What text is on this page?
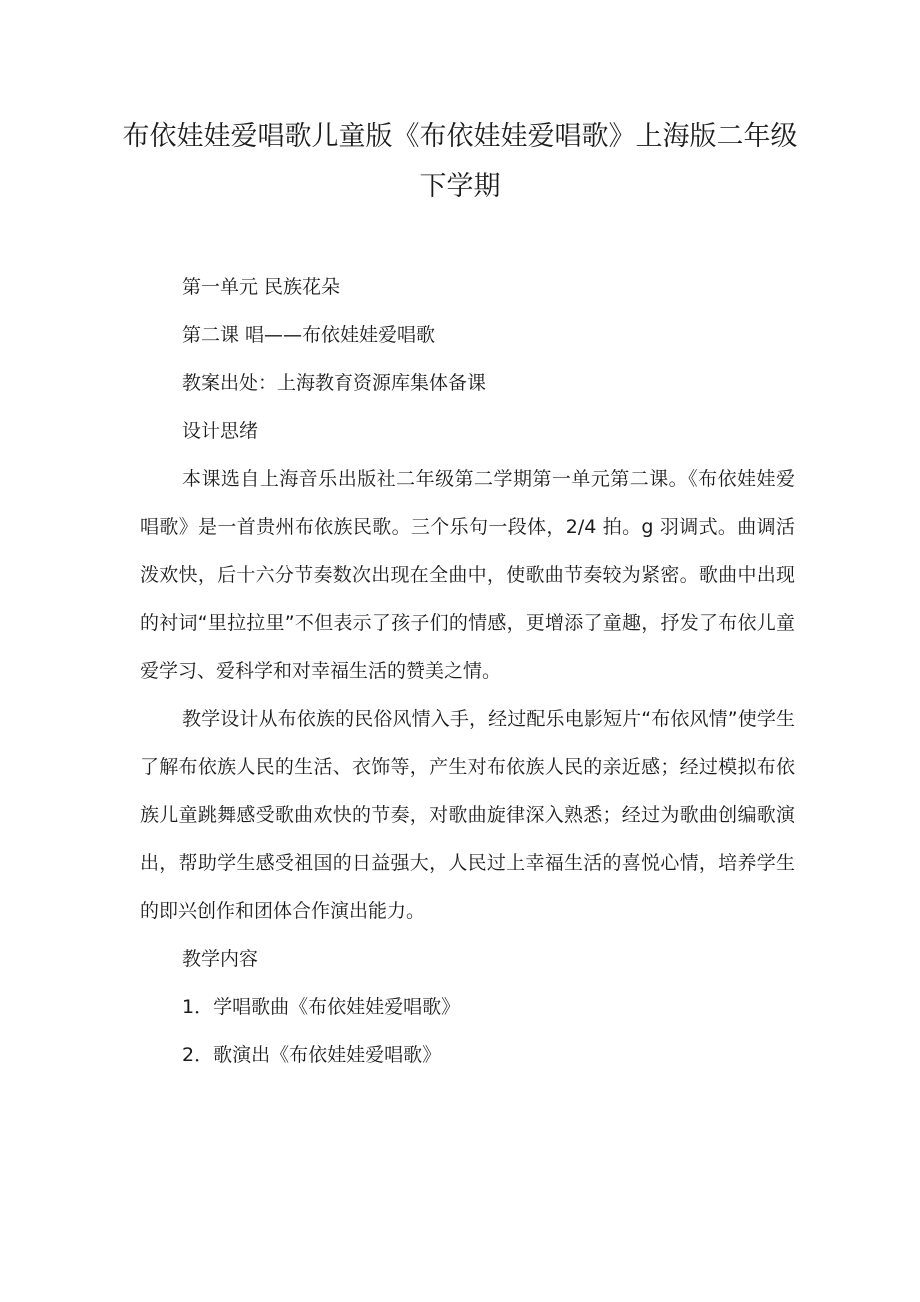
布依娃娃爱唱歌儿童版《布依娃娃爱唱歌》上海版二年级下学期

第一单元 民族花朵

第二课 唱——布依娃娃爱唱歌

教案出处：上海教育资源库集体备课

设计思绪

本课选自上海音乐出版社二年级第二学期第一单元第二课。《布依娃娃爱唱歌》是一首贵州布依族民歌。三个乐句一段体，2/4 拍。g 羽调式。曲调活泼欢快，后十六分节奏数次出现在全曲中，使歌曲节奏较为紧密。歌曲中出现的衬词“里拉拉里”不但表示了孩子们的情感，更增添了童趣，抒发了布依儿童爱学习、爱科学和对幸福生活的赞美之情。

教学设计从布依族的民俗风情入手，经过配乐电影短片“布依风情”使学生了解布依族人民的生活、衣饰等，产生对布依族人民的亲近感；经过模拟布依族儿童跳舞感受歌曲欢快的节奏，对歌曲旋律深入熟悉；经过为歌曲创编歌演出，帮助学生感受祖国的日益强大，人民过上幸福生活的喜悦心情，培养学生的即兴创作和团体合作演出能力。

教学内容

1．学唱歌曲《布依娃娃爱唱歌》

2．歌演出《布依娃娃爱唱歌》
